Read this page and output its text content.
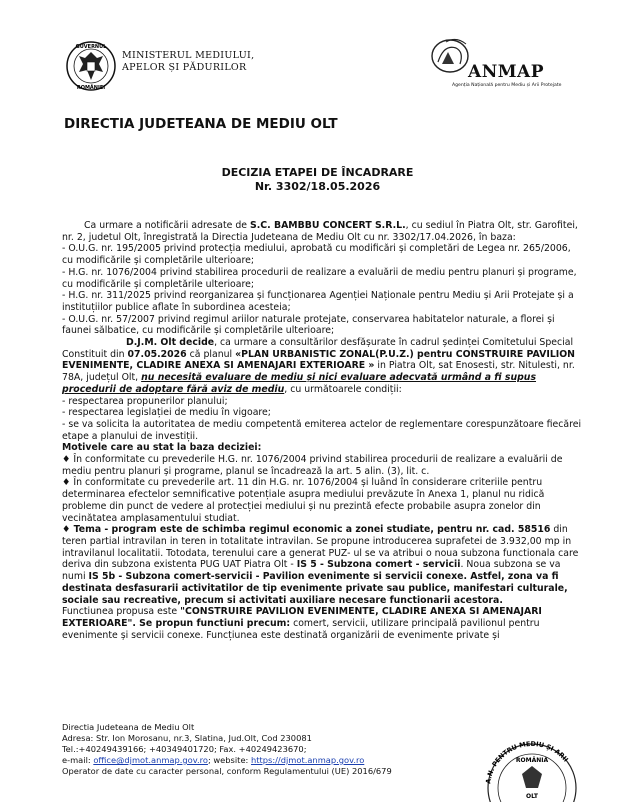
GUVERNUL
ROMÂNIEI
MINISTERUL MEDIULUI,
APELOR ȘI PĂDURILOR	ANMAP
Agenția Națională pentru Mediu și Arii Protejate
DIRECTIA JUDETEANA DE MEDIU OLT
DECIZIA ETAPEI DE ÎNCADRARE
Nr. 3302/18.05.2026

Ca urmare a notificării adresate de S.C. BAMBBU CONCERT S.R.L., cu sediul în Piatra Olt, str. Garofitei, nr. 2, judetul Olt, înregistrată la Directia Judeteana de Mediu Olt cu nr. 3302/17.04.2026, în baza:

- O.U.G. nr. 195/2005 privind protecția mediului, aprobată cu modificări și completări de Legea nr. 265/2006, cu modificările și completările ulterioare;

- H.G. nr. 1076/2004 privind stabilirea procedurii de realizare a evaluării de mediu pentru planuri și programe, cu modificările și completările ulterioare;

- H.G. nr. 311/2025 privind reorganizarea și funcționarea Agenției Naționale pentru Mediu și Arii Protejate și a instituțiilor publice aflate în subordinea acesteia;

- O.U.G. nr. 57/2007 privind regimul ariilor naturale protejate, conservarea habitatelor naturale, a florei și faunei sălbatice, cu modificările și completările ulterioare;

D.J.M. Olt decide, ca urmare a consultărilor desfășurate în cadrul ședinței Comitetului Special Constituit din 07.05.2026 că planul «PLAN URBANISTIC ZONAL(P.U.Z.) pentru CONSTRUIRE PAVILION EVENIMENTE, CLADIRE ANEXA SI AMENAJARI EXTERIOARE » in Piatra Olt, sat Enosesti, str. Nitulesti, nr. 78A, județul Olt, nu necesită evaluare de mediu și nici evaluare adecvată urmând a fi supus procedurii de adoptare fără aviz de mediu, cu următoarele condiții:

- respectarea propunerilor planului;

- respectarea legislației de mediu în vigoare;

- se va solicita la autoritatea de mediu competentă emiterea actelor de reglementare corespunzătoare fiecărei etape a planului de investiții.

Motivele care au stat la baza deciziei:

♦ În conformitate cu prevederile H.G. nr. 1076/2004 privind stabilirea procedurii de realizare a evaluării de mediu pentru planuri și programe, planul se încadrează la art. 5 alin. (3), lit. c.

♦ În conformitate cu prevederile art. 11 din H.G. nr. 1076/2004 și luând în considerare criteriile pentru determinarea efectelor semnificative potențiale asupra mediului prevăzute în Anexa 1, planul nu ridică probleme din punct de vedere al protecției mediului și nu prezintă efecte probabile asupra zonelor din vecinătatea amplasamentului studiat.

♦ Tema - program este de schimba regimul economic a zonei studiate, pentru nr. cad. 58516 din teren partial intravilan in teren in totalitate intravilan. Se propune introducerea suprafetei de 3.932,00 mp in intravilanul localitatii. Totodata, terenului care a generat PUZ- ul se va atribui o noua subzona functionala care deriva din subzona existenta PUG UAT Piatra Olt - IS 5 - Subzona comert - servicii. Noua subzona se va numi IS 5b - Subzona comert-servicii - Pavilion evenimente si servicii conexe. Astfel, zona va fi destinata desfasurarii activitatilor de tip evenimente private sau publice, manifestari culturale, sociale sau recreative, precum si activitati auxiliare necesare functionarii acestora.

Functiunea propusa este "CONSTRUIRE PAVILION EVENIMENTE, CLADIRE ANEXA SI AMENAJARI EXTERIOARE". Se propun functiuni precum: comert, servicii, utilizare principală pavilionul pentru evenimente și servicii conexe. Funcțiunea este destinată organizării de evenimente private și

Directia Judeteana de Mediu Olt
Adresa: Str. Ion Morosanu, nr.3, Slatina, Jud.Olt, Cod 230081
Tel.:+40249439166; +40349401720; Fax. +40249423670;
e-mail: office@djmot.anmap.gov.ro; website: https://djmot.anmap.gov.ro
Operator de date cu caracter personal, conform Regulamentului (UE) 2016/679
A.N. PENTRU MEDIU ȘI ARII
ROMÂNIA
OLT
